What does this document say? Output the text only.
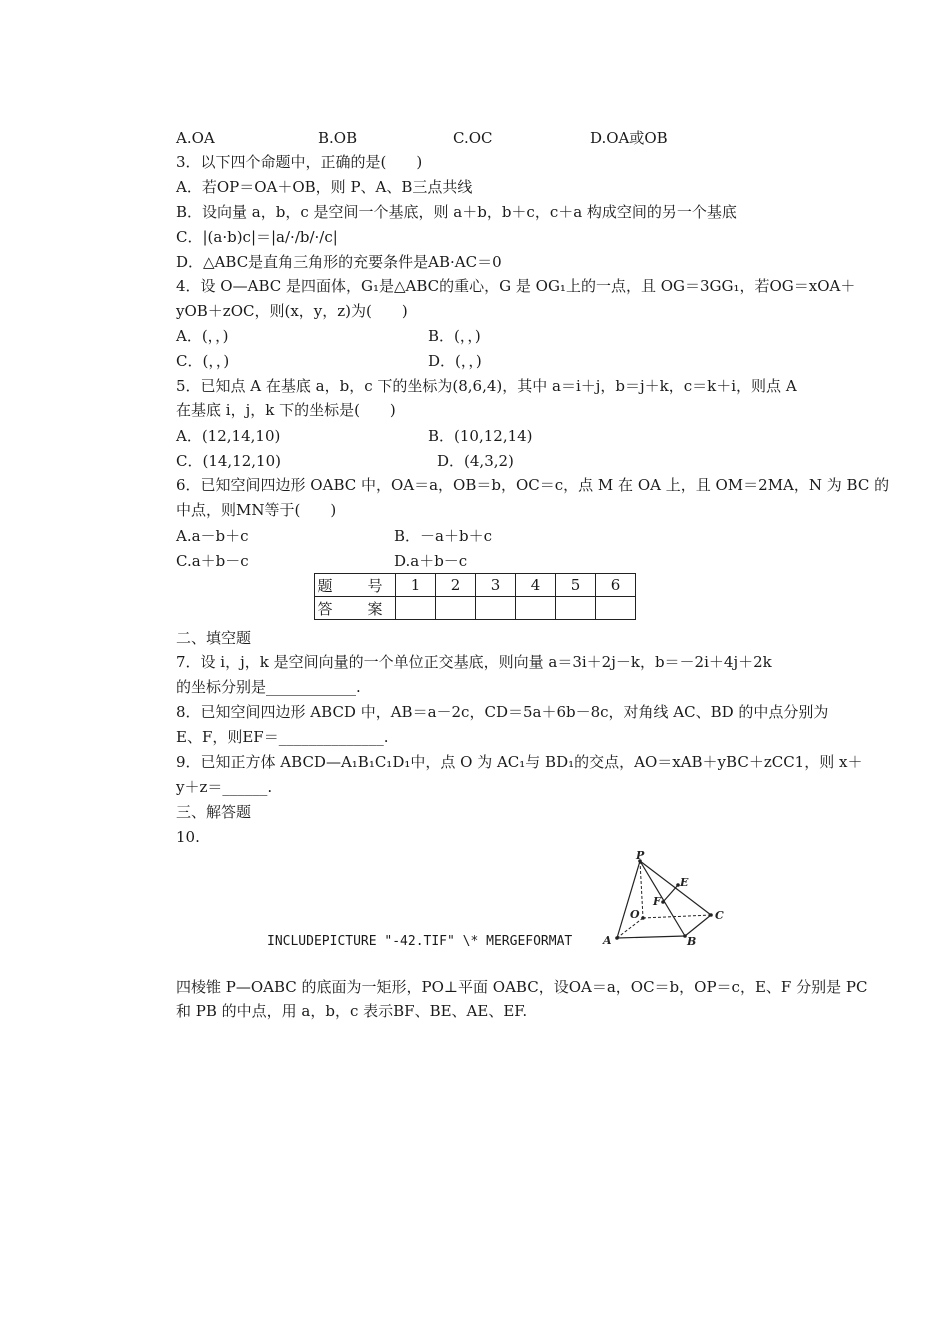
A.OA	B.OB	C.OC	D.OA或OB
3．以下四个命题中，正确的是(　　)
A．若OP＝OA＋OB，则 P、A、B三点共线
B．设向量 a，b，c 是空间一个基底，则 a＋b，b＋c，c＋a 构成空间的另一个基底
C．|(a·b)c|＝|a/·/b/·/c|
D．△ABC是直角三角形的充要条件是AB·AC＝0
4．设 O—ABC 是四面体，G₁是△ABC的重心，G 是 OG₁上的一点，且 OG＝3GG₁，若OG＝xOA＋
yOB＋zOC，则(x，y，z)为(　　)
A．(，，)	B．(，，)
C．(，，)	D．(，，)
5．已知点 A 在基底 a，b，c 下的坐标为(8,6,4)，其中 a＝i＋j，b＝j＋k，c＝k＋i，则点 A
在基底 i，j，k 下的坐标是(　　)
A．(12,14,10)	B．(10,12,14)
C．(14,12,10)	D．(4,3,2)
6．已知空间四边形 OABC 中，OA＝a，OB＝b，OC＝c，点 M 在 OA 上，且 OM＝2MA，N 为 BC 的
中点，则MN等于(　　)
A.a－b＋c	B．－a＋b＋c
C.a＋b－c	D.a＋b－c
题　号	1	2	3	4	5	6
答　案						
二、填空题
7．设 i，j，k 是空间向量的一个单位正交基底，则向量 a＝3i＋2j－k，b＝－2i＋4j＋2k
的坐标分别是____________.
8．已知空间四边形 ABCD 中，AB＝a－2c，CD＝5a＋6b－8c，对角线 AC、BD 的中点分别为
E、F，则EF＝______________.
9．已知正方体 ABCD—A₁B₁C₁D₁中，点 O 为 AC₁与 BD₁的交点，AO＝xAB＋yBC＋zCC1，则 x＋
y＋z＝______.
三、解答题
10.
INCLUDEPICTURE "-42.TIF" \* MERGEFORMAT
P
E
F
O	C
A	B
四棱锥 P—OABC 的底面为一矩形，PO⊥平面 OABC，设OA＝a，OC＝b，OP＝c，E、F 分别是 PC
和 PB 的中点，用 a，b，c 表示BF、BE、AE、EF.
